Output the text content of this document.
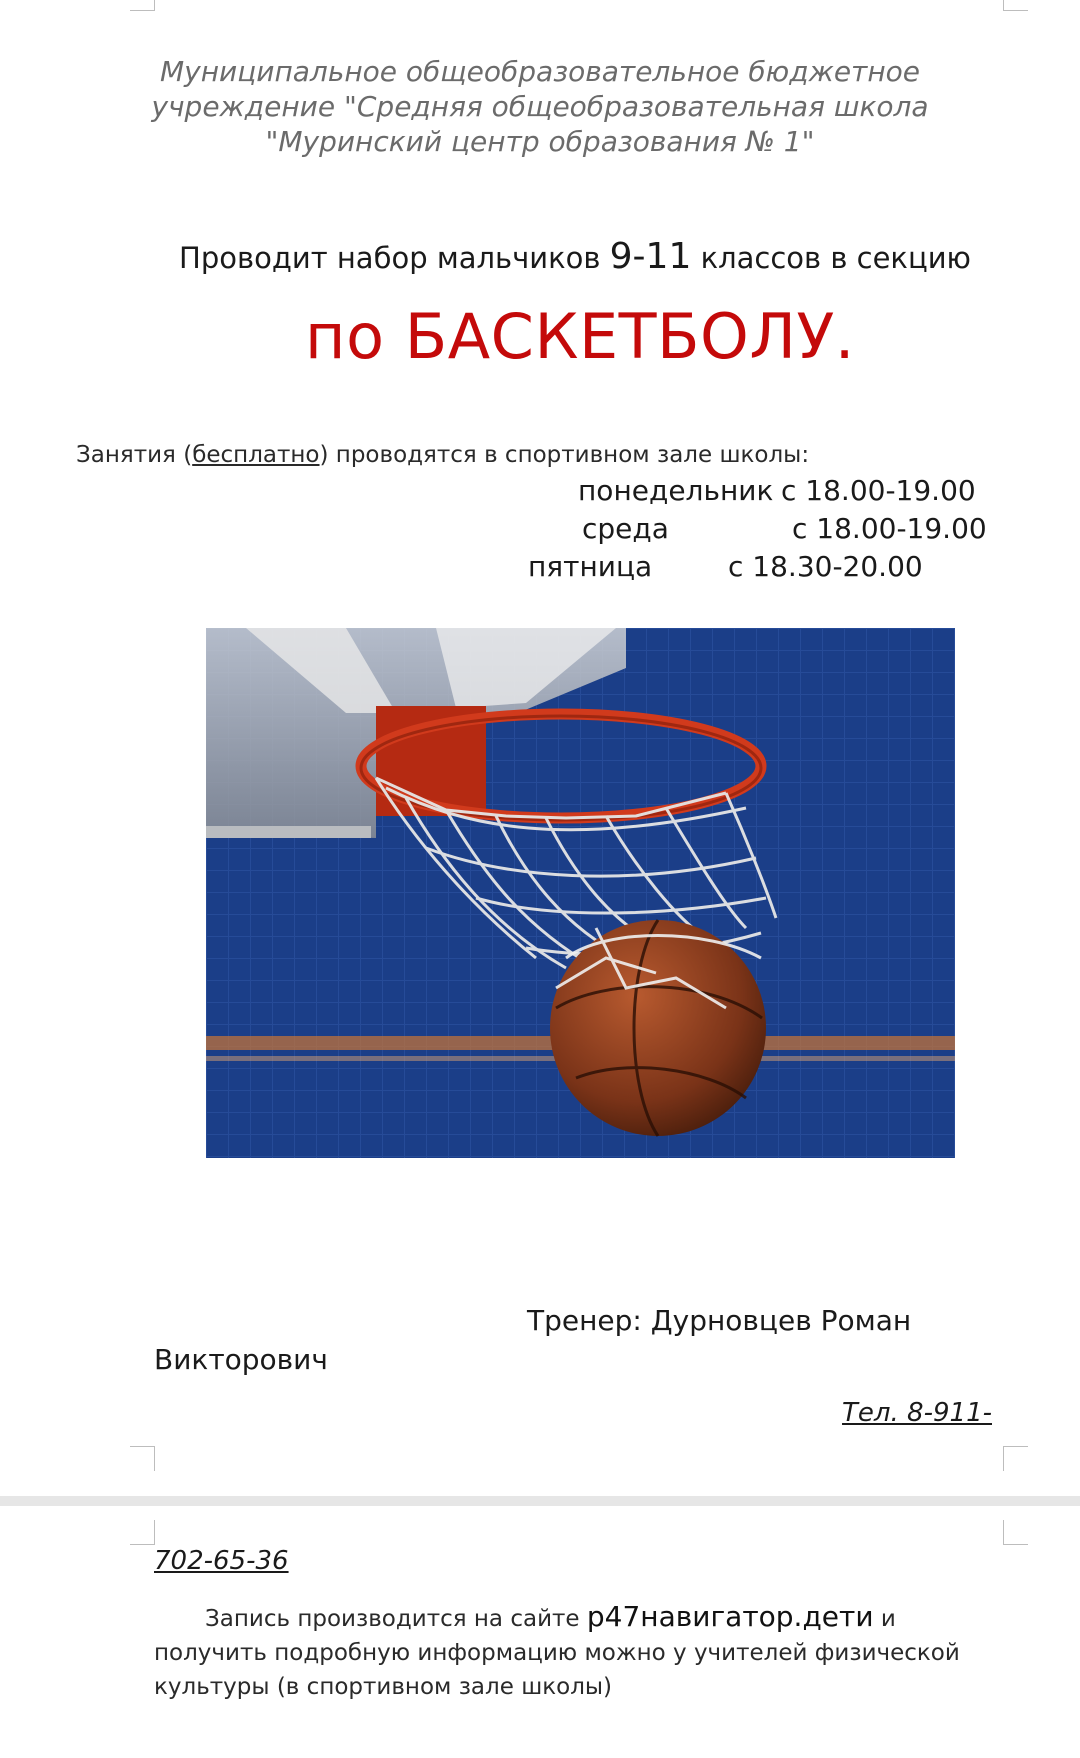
Муниципальное общеобразовательное бюджетное
учреждение "Средняя общеобразовательная школа
"Муринский центр образования № 1"
Проводит набор мальчиков 9-11 классов в секцию
по БАСКЕТБОЛУ.
Занятия (бесплатно) проводятся в спортивном зале школы:
понедельник с 18.00-19.00
среда	с 18.00-19.00
пятница	с 18.30-20.00
Тренер: Дурновцев Роман
Викторович
Тел. 8-911-
702-65-36
Запись производится на сайте р47навигатор.дети и получить подробную информацию можно у учителей физической культуры (в спортивном зале школы)
